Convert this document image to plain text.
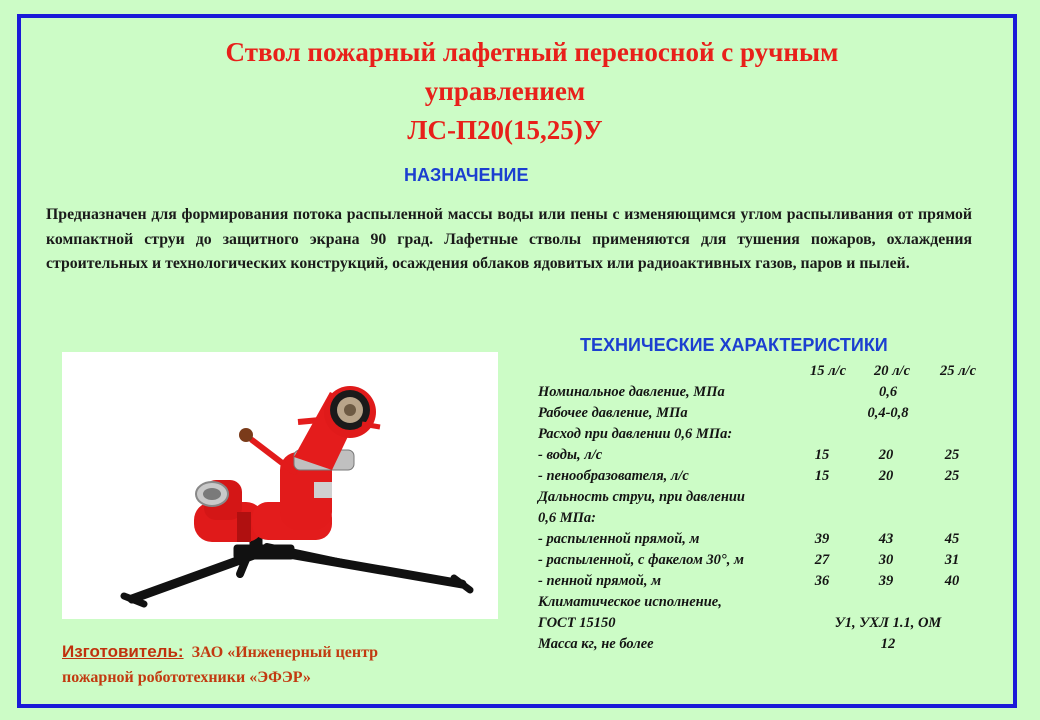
Ствол пожарный лафетный переносной с ручным
управлением
ЛС-П20(15,25)У
НАЗНАЧЕНИЕ
Предназначен для формирования потока распыленной массы воды или пены с изменяющимся углом распыливания от прямой компактной струи до защитного экрана 90 град. Лафетные стволы применяются для тушения пожаров, охлаждения строительных и технологических конструкций, осаждения облаков ядовитых или радиоактивных газов, паров и пылей.
ТЕХНИЧЕСКИЕ ХАРАКТЕРИСТИКИ
15 л/с	20 л/с	25 л/с
Номинальное давление, МПа	0,6
Рабочее давление, МПа	0,4-0,8
Расход при давлении 0,6 МПа:
- воды, л/с	15	20	25
- пенообразователя, л/с	15	20	25
Дальность струи, при давлении
0,6 МПа:
- распыленной прямой, м	39	43	45
- распыленной, с факелом 30°, м	27	30	31
- пенной прямой, м	36	39	40
Климатическое исполнение,
ГОСТ 15150	У1, УХЛ 1.1, ОМ
Масса кг, не более	12
Изготовитель: ЗАО «Инженерный центр
пожарной робототехники «ЭФЭР»
